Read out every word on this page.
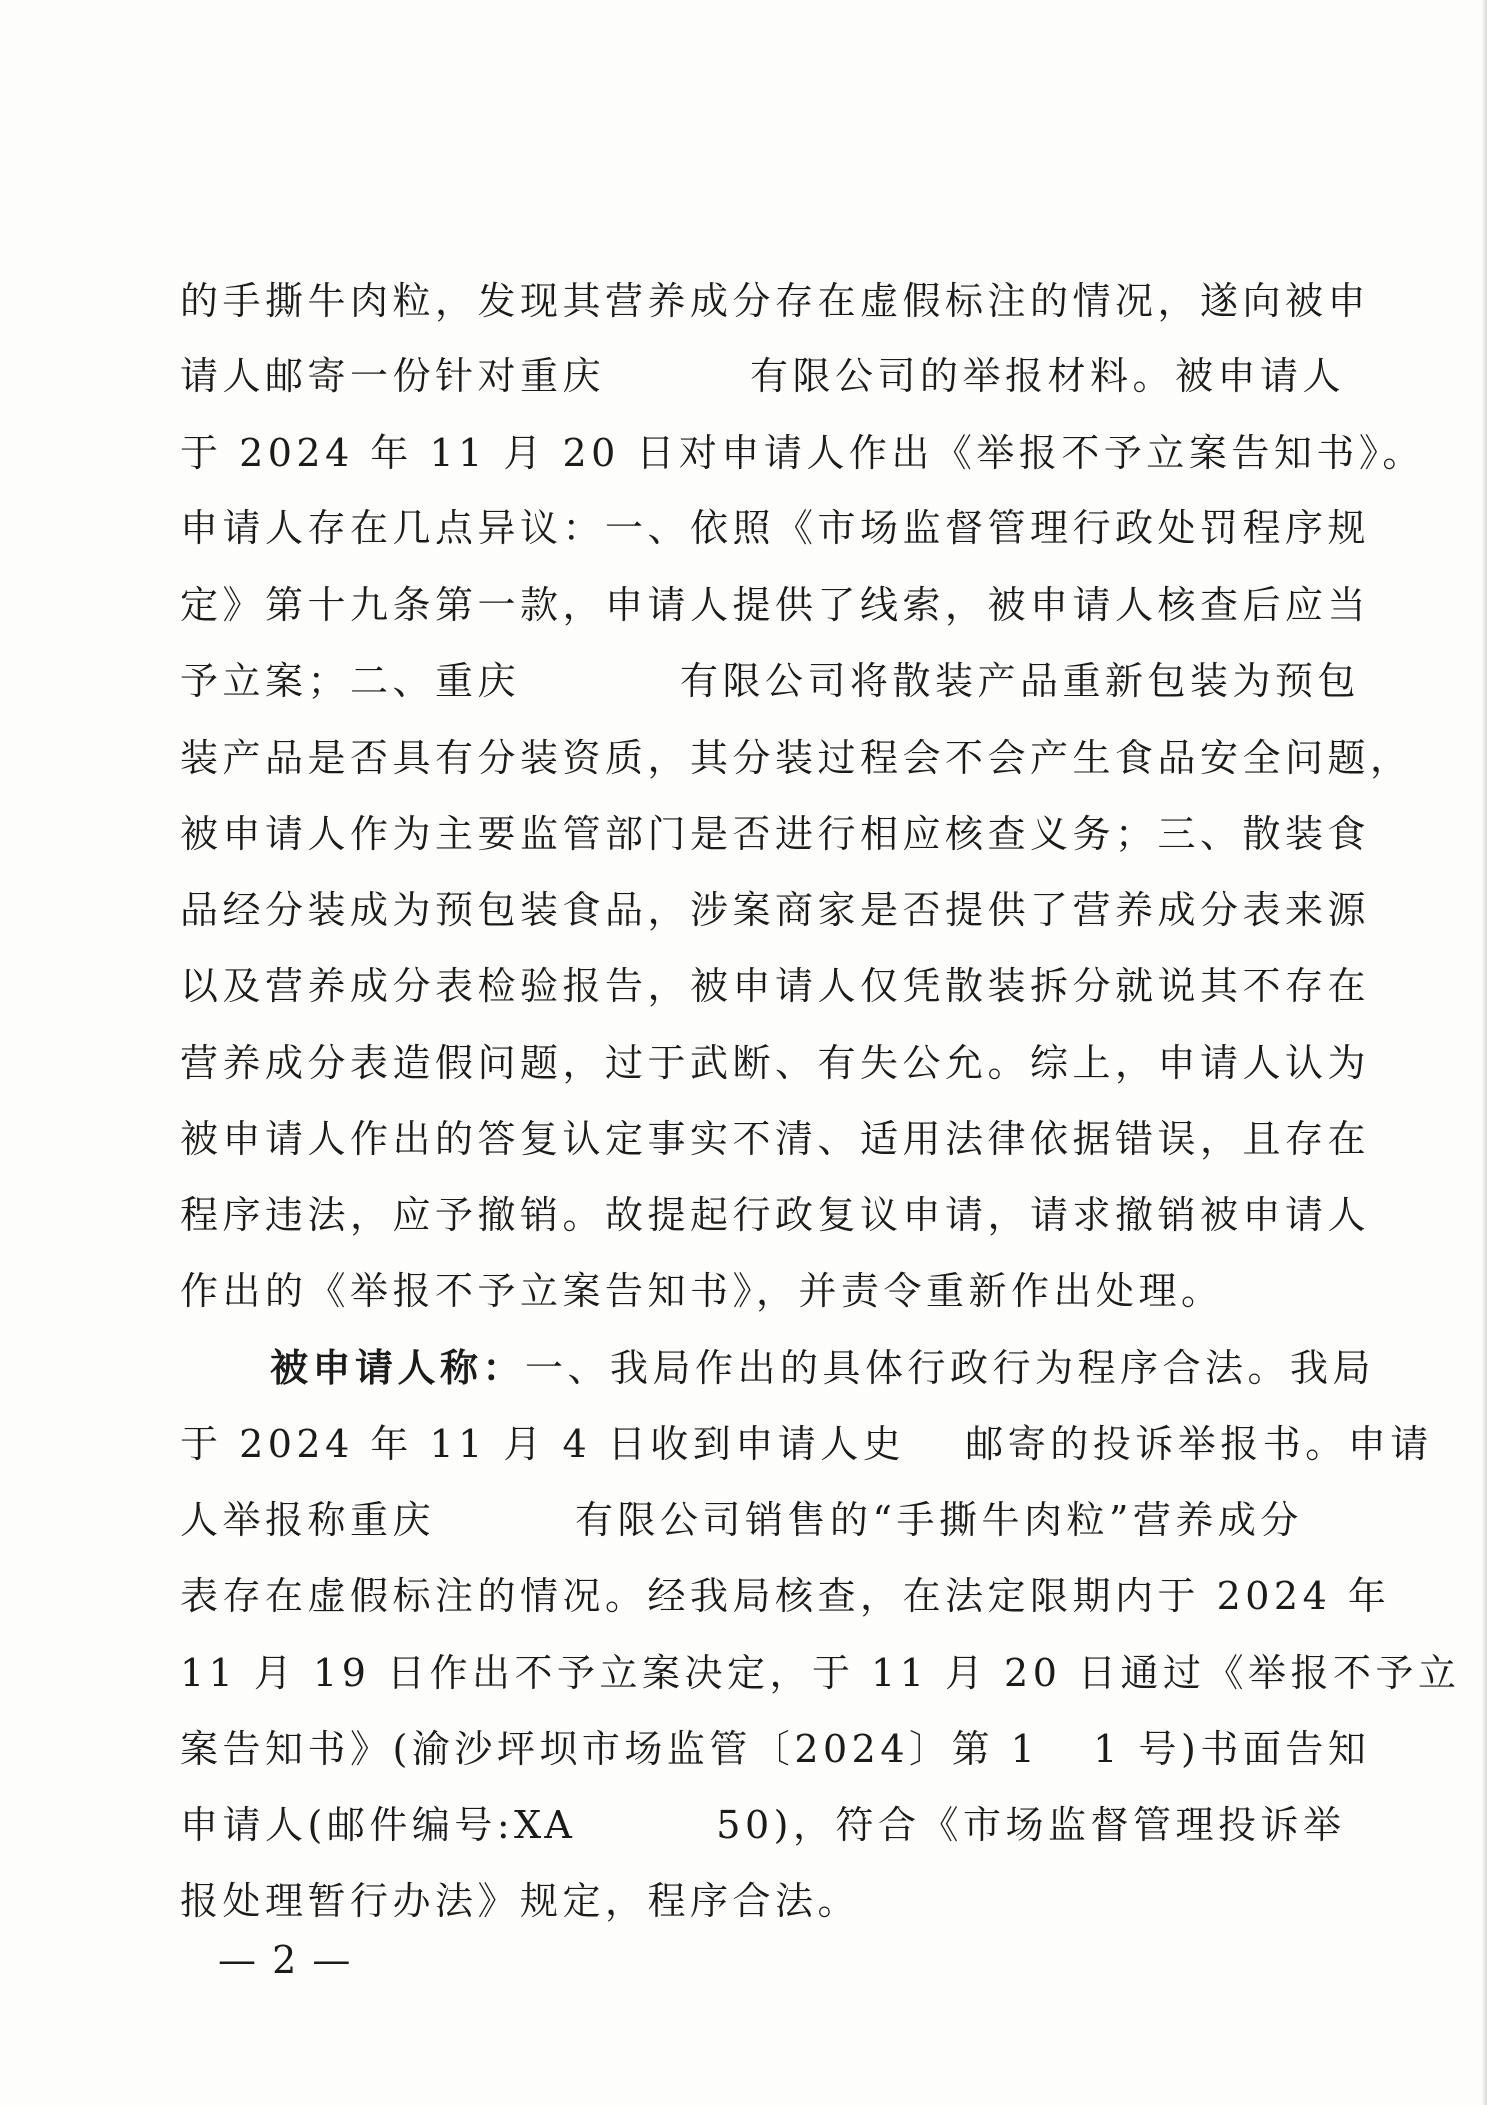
的手撕牛肉粒，发现其营养成分存在虚假标注的情况，遂向被申
请人邮寄一份针对重庆	有限公司的举报材料。被申请人
于 2024 年 11 月 20 日对申请人作出《举报不予立案告知书》。
申请人存在几点异议：一、依照《市场监督管理行政处罚程序规
定》第十九条第一款，申请人提供了线索，被申请人核查后应当
予立案；二、重庆	有限公司将散装产品重新包装为预包
装产品是否具有分装资质，其分装过程会不会产生食品安全问题，
被申请人作为主要监管部门是否进行相应核查义务；三、散装食
品经分装成为预包装食品，涉案商家是否提供了营养成分表来源
以及营养成分表检验报告，被申请人仅凭散装拆分就说其不存在
营养成分表造假问题，过于武断、有失公允。综上，申请人认为
被申请人作出的答复认定事实不清、适用法律依据错误，且存在
程序违法，应予撤销。故提起行政复议申请，请求撤销被申请人
作出的《举报不予立案告知书》，并责令重新作出处理。
被申请人称：一、我局作出的具体行政行为程序合法。我局
于 2024 年 11 月 4 日收到申请人史 邮寄的投诉举报书。申请
人举报称重庆	有限公司销售的“手撕牛肉粒”营养成分
表存在虚假标注的情况。经我局核查，在法定限期内于 2024 年
11 月 19 日作出不予立案决定，于 11 月 20 日通过《举报不予立
案告知书》(渝沙坪坝市场监管〔2024〕第 1 1 号)书面告知
申请人(邮件编号:XA	50)，符合《市场监督管理投诉举
报处理暂行办法》规定，程序合法。
— 2 —
